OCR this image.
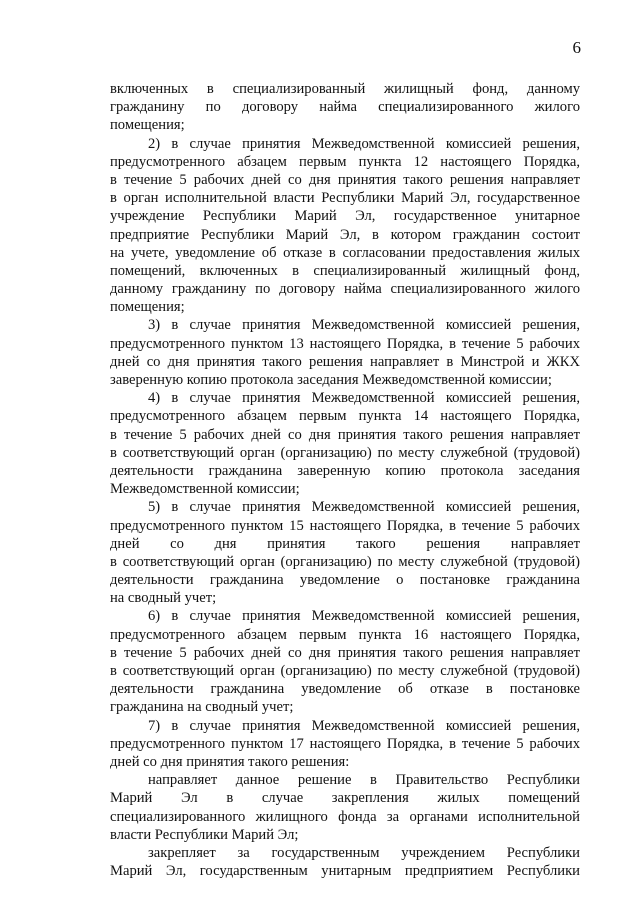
6
включенных в специализированный жилищный фонд, данному
гражданину по договору найма специализированного жилого
помещения;
2) в случае принятия Межведомственной комиссией решения,
предусмотренного абзацем первым пункта 12 настоящего Порядка,
в течение 5 рабочих дней со дня принятия такого решения направляет
в орган исполнительной власти Республики Марий Эл, государственное
учреждение Республики Марий Эл, государственное унитарное
предприятие Республики Марий Эл, в котором гражданин состоит
на учете, уведомление об отказе в согласовании предоставления жилых
помещений, включенных в специализированный жилищный фонд,
данному гражданину по договору найма специализированного жилого
помещения;
3) в случае принятия Межведомственной комиссией решения,
предусмотренного пунктом 13 настоящего Порядка, в течение 5 рабочих
дней со дня принятия такого решения направляет в Минстрой и ЖКХ
заверенную копию протокола заседания Межведомственной комиссии;
4) в случае принятия Межведомственной комиссией решения,
предусмотренного абзацем первым пункта 14 настоящего Порядка,
в течение 5 рабочих дней со дня принятия такого решения направляет
в соответствующий орган (организацию) по месту служебной (трудовой)
деятельности гражданина заверенную копию протокола заседания
Межведомственной комиссии;
5) в случае принятия Межведомственной комиссией решения,
предусмотренного пунктом 15 настоящего Порядка, в течение 5 рабочих
дней со дня принятия такого решения направляет
в соответствующий орган (организацию) по месту служебной (трудовой)
деятельности гражданина уведомление о постановке гражданина
на сводный учет;
6) в случае принятия Межведомственной комиссией решения,
предусмотренного абзацем первым пункта 16 настоящего Порядка,
в течение 5 рабочих дней со дня принятия такого решения направляет
в соответствующий орган (организацию) по месту служебной (трудовой)
деятельности гражданина уведомление об отказе в постановке
гражданина на сводный учет;
7) в случае принятия Межведомственной комиссией решения,
предусмотренного пунктом 17 настоящего Порядка, в течение 5 рабочих
дней со дня принятия такого решения:
направляет данное решение в Правительство Республики
Марий Эл в случае закрепления жилых помещений
специализированного жилищного фонда за органами исполнительной
власти Республики Марий Эл;
закрепляет за государственным учреждением Республики
Марий Эл, государственным унитарным предприятием Республики
